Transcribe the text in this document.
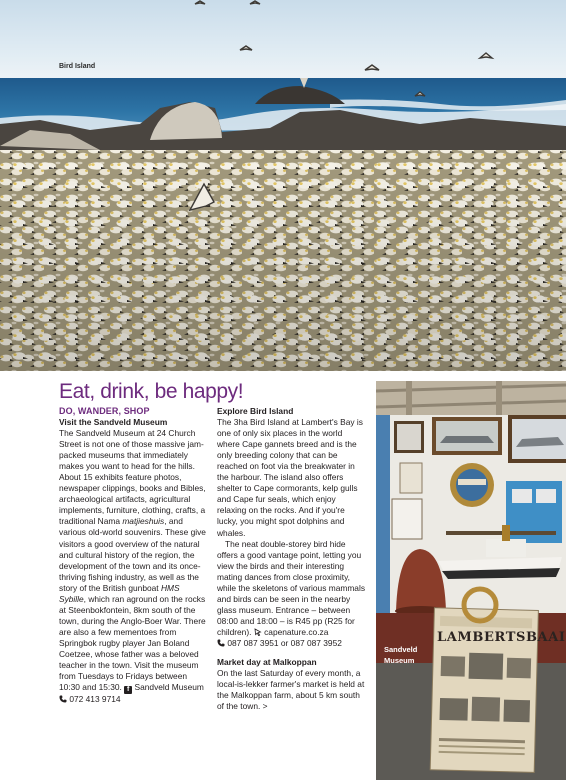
Bird Island
Eat, drink, be happy!
DO, WANDER, SHOP
Visit the Sandveld Museum

The Sandveld Museum at 24 Church Street is not one of those massive jam-packed museums that immediately makes you want to head for the hills. About 15 exhibits feature photos, newspaper clippings, books and Bibles, archaeological artifacts, agricultural implements, furniture, clothing, crafts, a traditional Nama matjieshuis, and various old-world souvenirs. These give visitors a good overview of the natural and cultural history of the region, the development of the town and its once-thriving fishing industry, as well as the story of the British gunboat HMS Sybille, which ran aground on the rocks at Steenbokfontein, 8km south of the town, during the Anglo-Boer War. There are also a few mementoes from Springbok rugby player Jan Boland Coetzee, whose father was a beloved teacher in the town. Visit the museum from Tuesdays to Fridays between 10:30 and 15:30. f Sandveld Museum
072 413 9714

Explore Bird Island

The 3ha Bird Island at Lambert's Bay is one of only six places in the world where Cape gannets breed and is the only breeding colony that can be reached on foot via the breakwater in the harbour. The island also offers shelter to Cape cormorants, kelp gulls and Cape fur seals, which enjoy relaxing on the rocks. And if you're lucky, you might spot dolphins and whales.

The neat double-storey bird hide offers a good vantage point, letting you view the birds and their interesting mating dances from close proximity, while the skeletons of various mammals and birds can be seen in the nearby glass museum. Entrance – between 08:00 and 18:00 – is R45 pp (R25 for children).  capenature.co.za
087 087 3951 or 087 087 3952

Market day at Malkoppan

On the last Saturday of every month, a local-is-lekker farmer's market is held at the Malkoppan farm, about 5 km south of the town. >

LAMBERTSBAAI
Sandveld
Museum
